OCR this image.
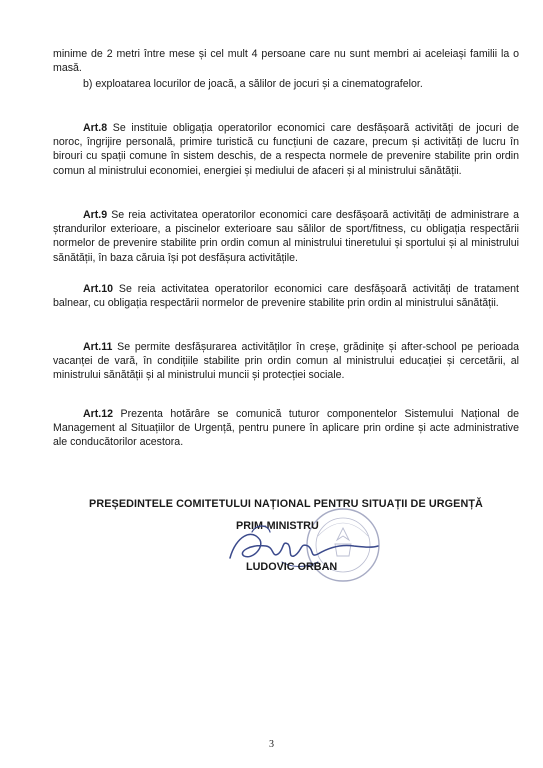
minime de 2 metri între mese și cel mult 4 persoane care nu sunt membri ai aceleiași familii la o masă.
b) exploatarea locurilor de joacă, a sălilor de jocuri și a cinematografelor.
Art.8 Se instituie obligația operatorilor economici care desfășoară activități de jocuri de noroc, îngrijire personală, primire turistică cu funcțiuni de cazare, precum și activități de lucru în birouri cu spații comune în sistem deschis, de a respecta normele de prevenire stabilite prin ordin comun al ministrului economiei, energiei și mediului de afaceri și al ministrului sănătății.
Art.9 Se reia activitatea operatorilor economici care desfășoară activități de administrare a ștrandurilor exterioare, a piscinelor exterioare sau sălilor de sport/fitness, cu obligația respectării normelor de prevenire stabilite prin ordin comun al ministrului tineretului și sportului și al ministrului sănătății, în baza căruia își pot desfășura activitățile.
Art.10 Se reia activitatea operatorilor economici care desfășoară activități de tratament balnear, cu obligația respectării normelor de prevenire stabilite prin ordin al ministrului sănătății.
Art.11 Se permite desfășurarea activităților în creșe, grădinițe și after-school pe perioada vacanței de vară, în condițiile stabilite prin ordin comun al ministrului educației și cercetării, al ministrului sănătății și al ministrului muncii și protecției sociale.
Art.12 Prezenta hotărâre se comunică tuturor componentelor Sistemului Național de Management al Situațiilor de Urgență, pentru punere în aplicare prin ordine și acte administrative ale conducătorilor acestora.
PREȘEDINTELE COMITETULUI NAȚIONAL PENTRU SITUAȚII DE URGENȚĂ
PRIM-MINISTRU
LUDOVIC ORBAN
3
